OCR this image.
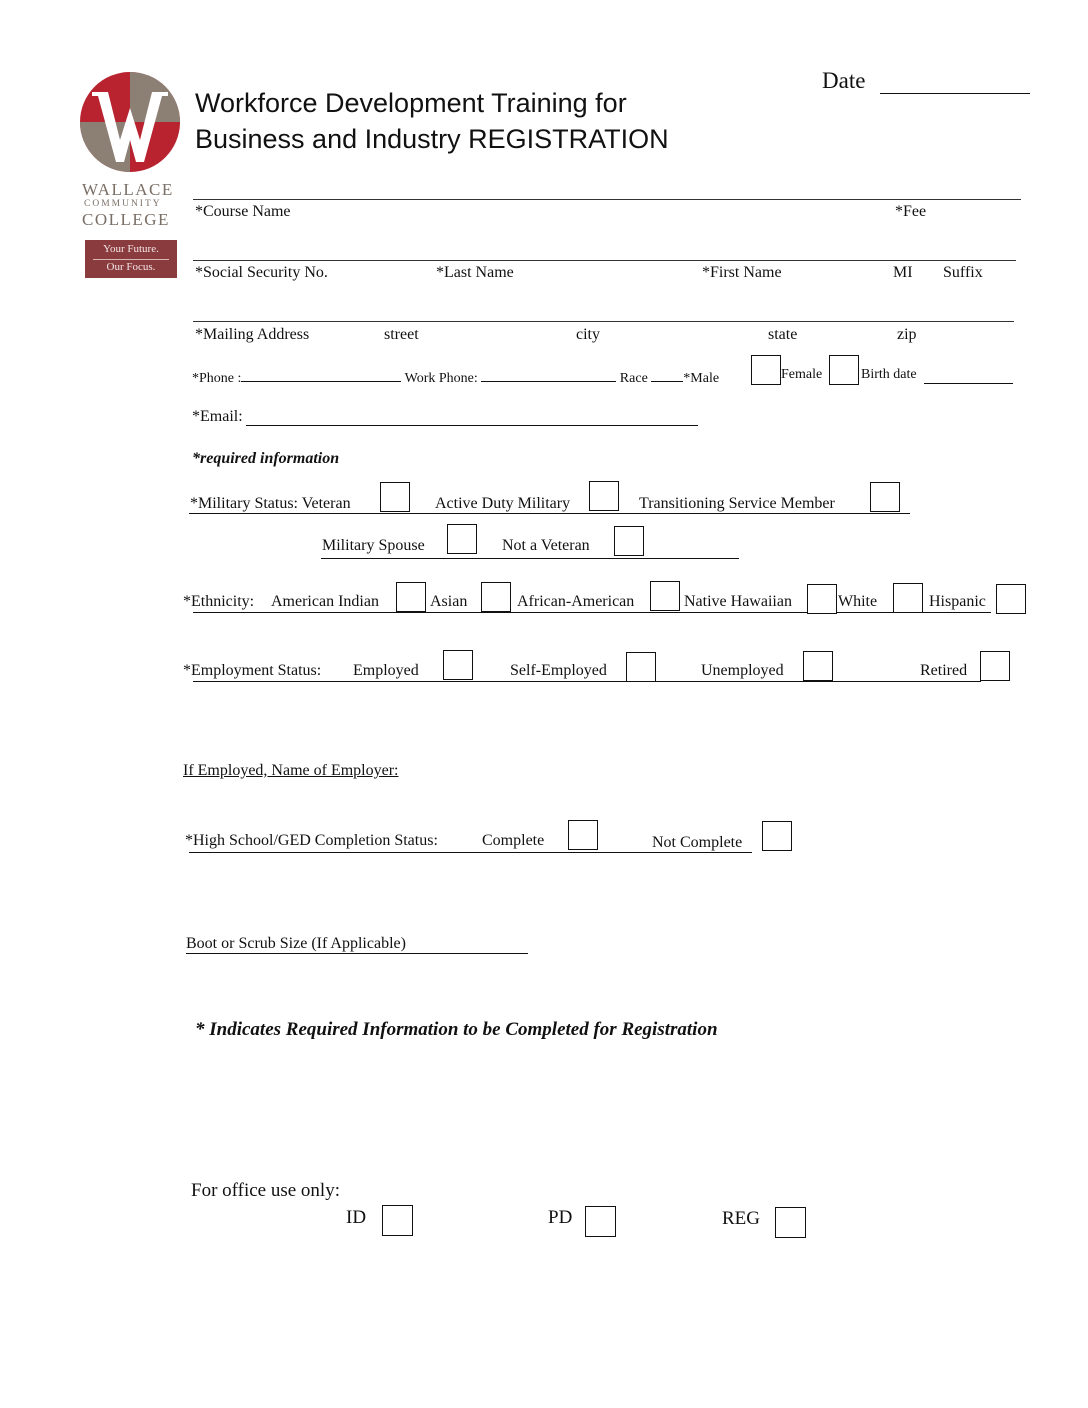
WALLACE
COMMUNITY
COLLEGE
Your Future.
Our Focus.
Workforce Development Training for
Business and Industry REGISTRATION
Date
*Course Name	*Fee
*Social Security No.	*Last Name	*First Name	MI Suffix
*Mailing Address	street	city	state	zip
*Phone :	Work Phone:	Race	*Male	Female	Birth date
*Email:
*required information
*Military Status: Veteran	Active Duty Military	Transitioning Service Member
Military Spouse	Not a Veteran
*Ethnicity: American Indian	Asian	African-American	Native Hawaiian	White	Hispanic
*Employment Status: Employed	Self-Employed	Unemployed	Retired
If Employed, Name of Employer:
*High School/GED Completion Status:	Complete	Not Complete
Boot or Scrub Size (If Applicable)
* Indicates Required Information to be Completed for Registration
For office use only:
ID	PD	REG
